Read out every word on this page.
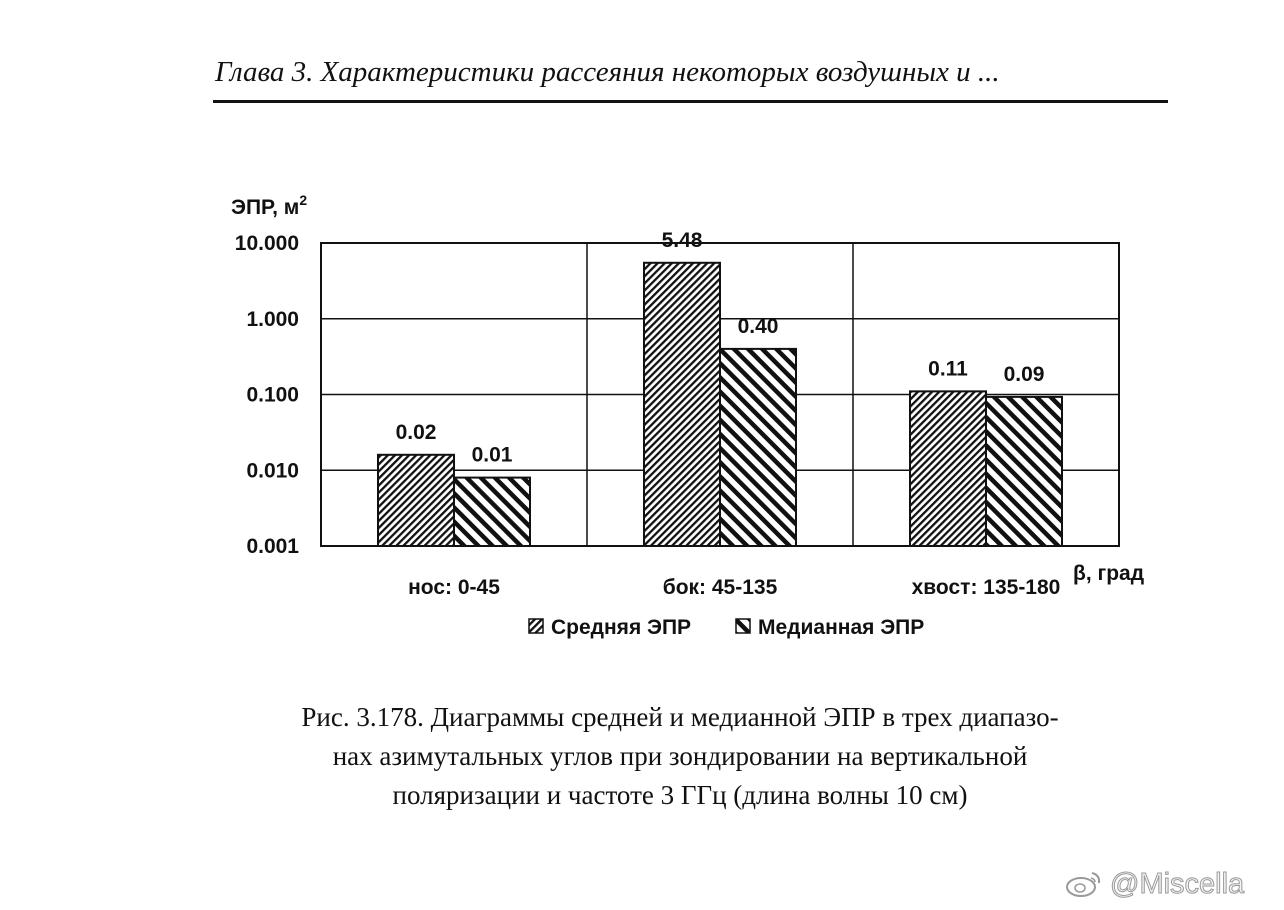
Глава 3. Характеристики рассеяния некоторых воздушных и ...
0.001
0.010
0.100
1.000
10.000
0.02
0.01
нос: 0-45
5.48
0.40
бок: 45-135
0.11 0.09
хвост: 135-180
ЭПР, $м^2$
β, град
Средняя ЭПР	Медианная ЭПР
Рис. 3.178. Диаграммы средней и медианной ЭПР в трех диапазо-
нах азимутальных углов при зондировании на вертикальной
поляризации и частоте 3 ГГц (длина волны 10 см)
@Miscella
